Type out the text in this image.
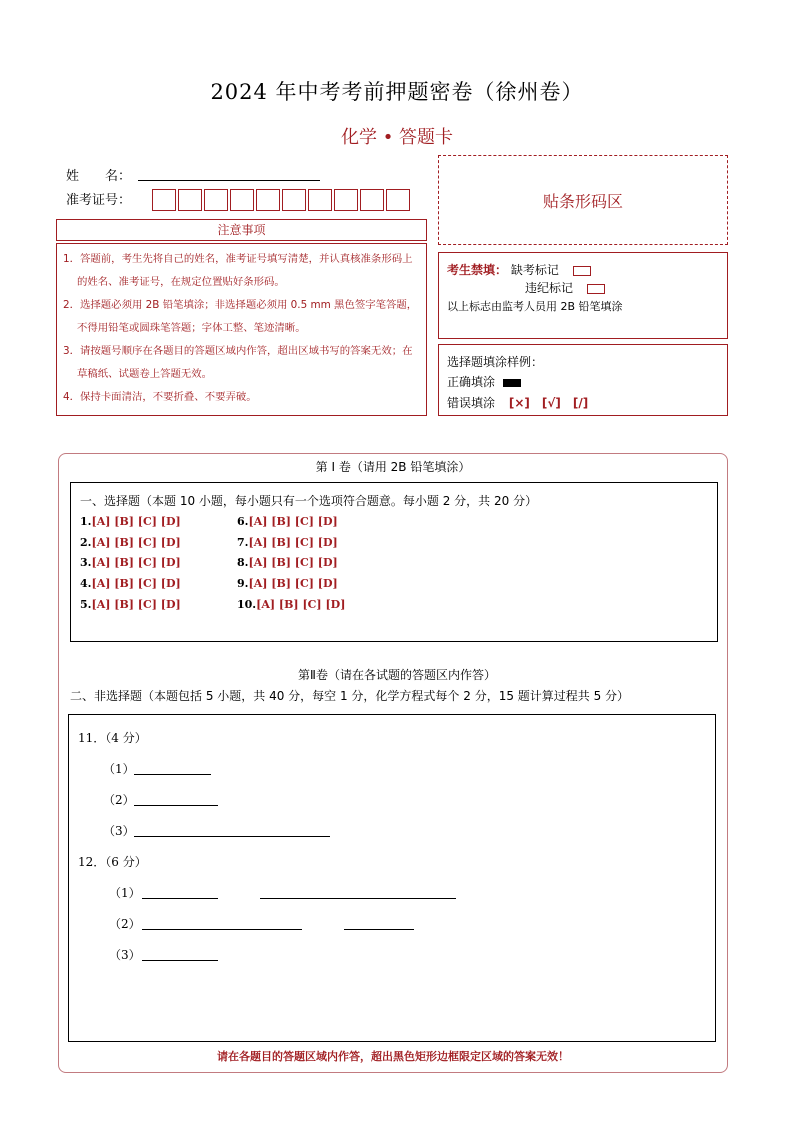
2024 年中考考前押题密卷（徐州卷）
化学 • 答题卡
姓　　名：
准考证号：	贴条形码区
注意事项
1．答题前，考生先将自己的姓名，准考证号填写清楚，并认真核准条形码上的姓名、准考证号，在规定位置贴好条形码。
2．选择题必须用 2B 铅笔填涂；非选择题必须用 0.5 mm 黑色签字笔答题，不得用铅笔或圆珠笔答题；字体工整、笔迹清晰。
3．请按题号顺序在各题目的答题区域内作答，超出区域书写的答案无效；在草稿纸、试题卷上答题无效。
4．保持卡面清洁，不要折叠、不要弄破。
考生禁填： 缺考标记
违纪标记
以上标志由监考人员用 2B 铅笔填涂
选择题填涂样例：
正确填涂
错误填涂 [×]　[√]　[/]
第 I 卷（请用 2B 铅笔填涂）
一、选择题（本题 10 小题，每小题只有一个选项符合题意。每小题 2 分，共 20 分）
1.[A] [B] [C] [D]
2.[A] [B] [C] [D]
3.[A] [B] [C] [D]
4.[A] [B] [C] [D]
5.[A] [B] [C] [D]
6.[A] [B] [C] [D]
7.[A] [B] [C] [D]
8.[A] [B] [C] [D]
9.[A] [B] [C] [D]
10.[A] [B] [C] [D]
第Ⅱ卷（请在各试题的答题区内作答）
二、非选择题（本题包括 5 小题，共 40 分，每空 1 分，化学方程式每个 2 分，15 题计算过程共 5 分）
11．（4 分）
（1）
（2）
（3）
12．（6 分）
（1）
（2）
（3）
请在各题目的答题区域内作答，超出黑色矩形边框限定区域的答案无效！
